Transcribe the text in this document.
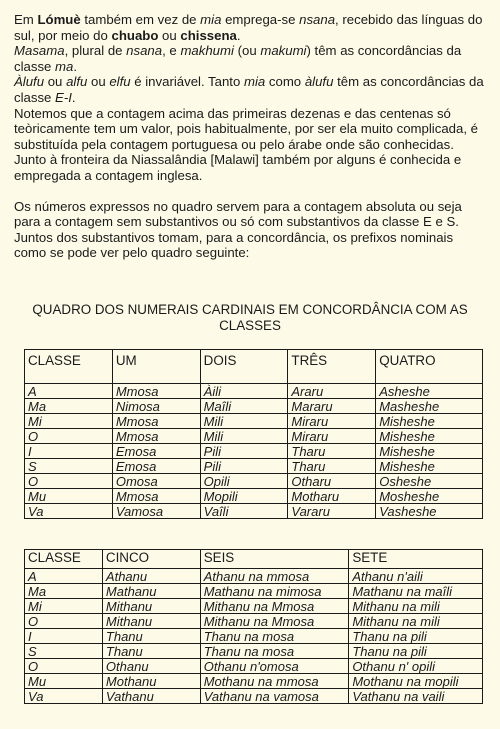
Em Lómuè também em vez de mia emprega-se nsana, recebido das línguas do sul, por meio do chuabo ou chissena.

Masama, plural de nsana, e makhumi (ou makumi) têm as concordâncias da classe ma.

Àlufu ou alfu ou elfu é invariável. Tanto mia como àlufu têm as concordâncias da classe E-I.

Notemos que a contagem acima das primeiras dezenas e das centenas só teòricamente tem um valor, pois habitualmente, por ser ela muito complicada, é substituída pela contagem portuguesa ou pelo árabe onde são conhecidas.

Junto à fronteira da Niassalândia [Malawi] também por alguns é conhecida e empregada a contagem inglesa.

Os números expressos no quadro servem para a contagem absoluta ou seja para a contagem sem substantivos ou só com substantivos da classe E e S.

Juntos dos substantivos tomam, para a concordância, os prefixos nominais como se pode ver pelo quadro seguinte:

QUADRO DOS NUMERAIS CARDINAIS EM CONCORDÂNCIA COM AS CLASSES
CLASSE	UM	DOIS	TRÊS	QUATRO
A	Mmosa	Àili	Araru	Asheshe
Ma	Nimosa	Maîli	Mararu	Masheshe
Mi	Mmosa	Mili	Miraru	Misheshe
O	Mmosa	Mili	Miraru	Misheshe
I	Emosa	Pili	Tharu	Misheshe
S	Emosa	Pili	Tharu	Misheshe
O	Omosa	Opili	Otharu	Osheshe
Mu	Mmosa	Mopili	Motharu	Mosheshe
Va	Vamosa	Vaîli	Vararu	Vasheshe
CLASSE	CINCO	SEIS	SETE
A	Athanu	Athanu na mmosa	Athanu n'aili
Ma	Mathanu	Mathanu na mimosa	Mathanu na maîli
Mi	Mithanu	Mithanu na Mmosa	Mithanu na mili
O	Mithanu	Mithanu na Mmosa	Mithanu na mili
I	Thanu	Thanu na mosa	Thanu na pili
S	Thanu	Thanu na mosa	Thanu na pili
O	Othanu	Othanu n'omosa	Othanu n' opili
Mu	Mothanu	Mothanu na mmosa	Mothanu na mopili
Va	Vathanu	Vathanu na vamosa	Vathanu na vaili
